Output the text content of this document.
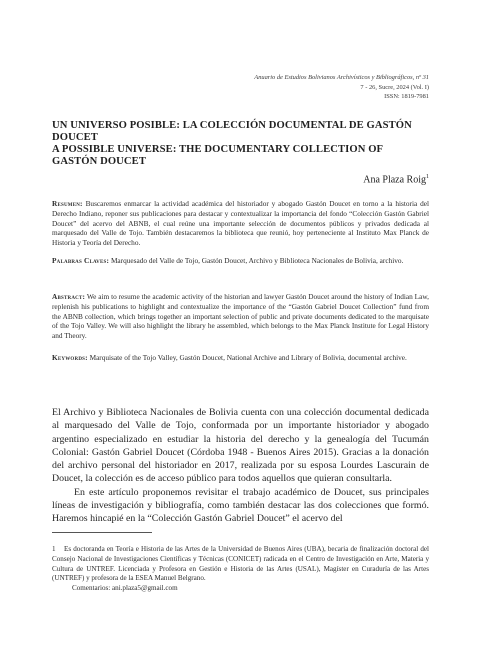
Anuario de Estudios Bolivianos Archivísticos y Bibliográficos, nº 31
7 - 26, Sucre, 2024 (Vol. I)
ISSN: 1819-7981
UN UNIVERSO POSIBLE: LA COLECCIÓN DOCUMENTAL DE GASTÓN
DOUCET
A POSSIBLE UNIVERSE: THE DOCUMENTARY COLLECTION OF
GASTÓN DOUCET
Ana Plaza Roig$^1$
Resumen: Buscaremos enmarcar la actividad académica del historiador y abogado Gastón Doucet en torno a la historia del Derecho Indiano, reponer sus publicaciones para destacar y contextualizar la importancia del fondo “Colección Gastón Gabriel Doucet” del acervo del ABNB, el cual reúne una importante selección de documentos públicos y privados dedicada al marquesado del Valle de Tojo. También destacaremos la biblioteca que reunió, hoy perteneciente al Instituto Max Planck de Historia y Teoría del Derecho.
Palabras Claves: Marquesado del Valle de Tojo, Gastón Doucet, Archivo y Biblioteca Nacionales de Bolivia, archivo.
Abstract: We aim to resume the academic activity of the historian and lawyer Gastón Doucet around the history of Indian Law, replenish his publications to highlight and contextualize the importance of the “Gastón Gabriel Doucet Collection” fund from the ABNB collection, which brings together an important selection of public and private documents dedicated to the marquisate of the Tojo Valley. We will also highlight the library he assembled, which belongs to the Max Planck Institute for Legal History and Theory.
Keywords: Marquisate of the Tojo Valley, Gastón Doucet, National Archive and Library of Bolivia, documental archive.

El Archivo y Biblioteca Nacionales de Bolivia cuenta con una colección documental dedicada al marquesado del Valle de Tojo, conformada por un importante historiador y abogado argentino especializado en estudiar la historia del derecho y la genealogía del Tucumán Colonial: Gastón Gabriel Doucet (Córdoba 1948 - Buenos Aires 2015). Gracias a la donación del archivo personal del historiador en 2017, realizada por su esposa Lourdes Lascurain de Doucet, la colección es de acceso público para todos aquellos que quieran consultarla.

En este artículo proponemos revisitar el trabajo académico de Doucet, sus principales líneas de investigación y bibliografía, como también destacar las dos colecciones que formó. Haremos hincapié en la “Colección Gastón Gabriel Doucet” el acervo del

1 Es doctoranda en Teoría e Historia de las Artes de la Universidad de Buenos Aires (UBA), becaria de finalización doctoral del Consejo Nacional de Investigaciones Científicas y Técnicas (CONICET) radicada en el Centro de Investigación en Arte, Materia y Cultura de UNTREF. Licenciada y Profesora en Gestión e Historia de las Artes (USAL), Magíster en Curaduría de las Artes (UNTREF) y profesora de la ESEA Manuel Belgrano.

Comentarios: ani.plaza5@gmail.com
